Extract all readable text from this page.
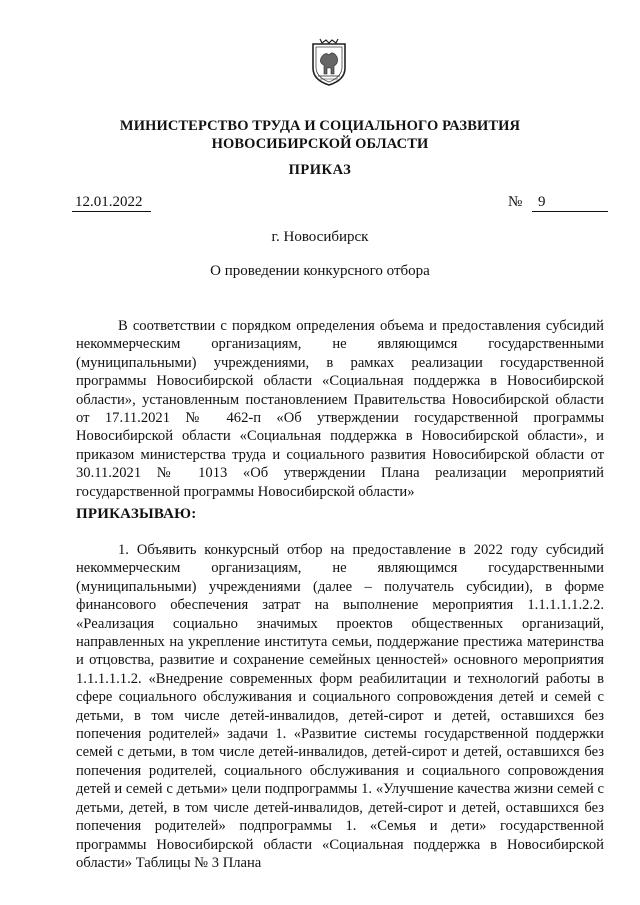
МИНИСТЕРСТВО ТРУДА И СОЦИАЛЬНОГО РАЗВИТИЯ
НОВОСИБИРСКОЙ ОБЛАСТИ
ПРИКАЗ
12.01.2022	№	9
г. Новосибирск
О проведении конкурсного отбора

В соответствии с порядком определения объема и предоставления субсидий некоммерческим организациям, не являющимся государственными (муниципальными) учреждениями, в рамках реализации государственной программы Новосибирской области «Социальная поддержка в Новосибирской области», установленным постановлением Правительства Новосибирской области от 17.11.2021 № 462-п «Об утверждении государственной программы Новосибирской области «Социальная поддержка в Новосибирской области», и приказом министерства труда и социального развития Новосибирской области от 30.11.2021 № 1013 «Об утверждении Плана реализации мероприятий государственной программы Новосибирской области»

ПРИКАЗЫВАЮ:

1. Объявить конкурсный отбор на предоставление в 2022 году субсидий некоммерческим организациям, не являющимся государственными (муниципальными) учреждениями (далее – получатель субсидии), в форме финансового обеспечения затрат на выполнение мероприятия 1.1.1.1.1.2.2. «Реализация социально значимых проектов общественных организаций, направленных на укрепление института семьи, поддержание престижа материнства и отцовства, развитие и сохранение семейных ценностей» основного мероприятия 1.1.1.1.1.2. «Внедрение современных форм реабилитации и технологий работы в сфере социального обслуживания и социального сопровождения детей и семей с детьми, в том числе детей-инвалидов, детей-сирот и детей, оставшихся без попечения родителей» задачи 1. «Развитие системы государственной поддержки семей с детьми, в том числе детей-инвалидов, детей-сирот и детей, оставшихся без попечения родителей, социального обслуживания и социального сопровождения детей и семей с детьми» цели подпрограммы 1. «Улучшение качества жизни семей с детьми, детей, в том числе детей-инвалидов, детей-сирот и детей, оставшихся без попечения родителей» подпрограммы 1. «Семья и дети» государственной программы Новосибирской области «Социальная поддержка в Новосибирской области» Таблицы № 3 Плана
